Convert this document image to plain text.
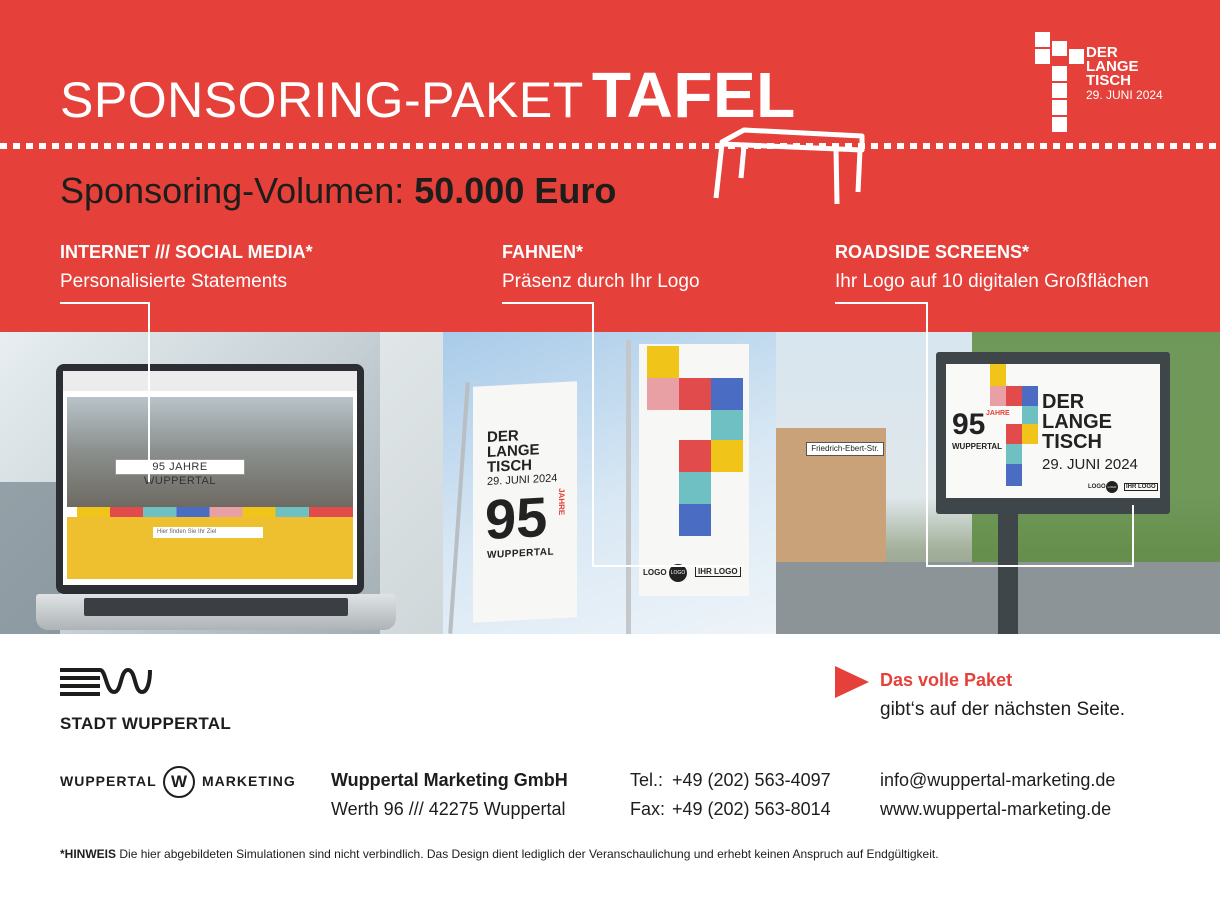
SPONSORING-PAKET TAFEL
DER
LANGE
TISCH
29. JUNI 2024
Sponsoring-Volumen: 50.000 Euro
INTERNET /// SOCIAL MEDIA*
Personalisierte Statements
FAHNEN*
Präsenz durch Ihr Logo
ROADSIDE SCREENS*
Ihr Logo auf 10 digitalen Großflächen
95 JAHRE WUPPERTAL
Hier finden Sie Ihr Ziel
DER
LANGE
TISCH
29. JUNI 2024
95 JAHRE
WUPPERTAL
LOGO LOGO	IHR LOGO
Friedrich-Ebert-Str.
95 JAHRE
WUPPERTAL
DER
LANGE
TISCH
29. JUNI 2024
LOGO LOGO	IHR LOGO
STADT WUPPERTAL
Das volle Paket
gibt‘s auf der nächsten Seite.
WUPPERTAL W	MARKETING Wuppertal Marketing GmbH
Werth 96 /// 42275 Wuppertal
Tel.: +49 (202) 563-4097
Fax: +49 (202) 563-8014
info@wuppertal-marketing.de
www.wuppertal-marketing.de
*HINWEIS Die hier abgebildeten Simulationen sind nicht verbindlich. Das Design dient lediglich der Veranschaulichung und erhebt keinen Anspruch auf Endgültigkeit.
